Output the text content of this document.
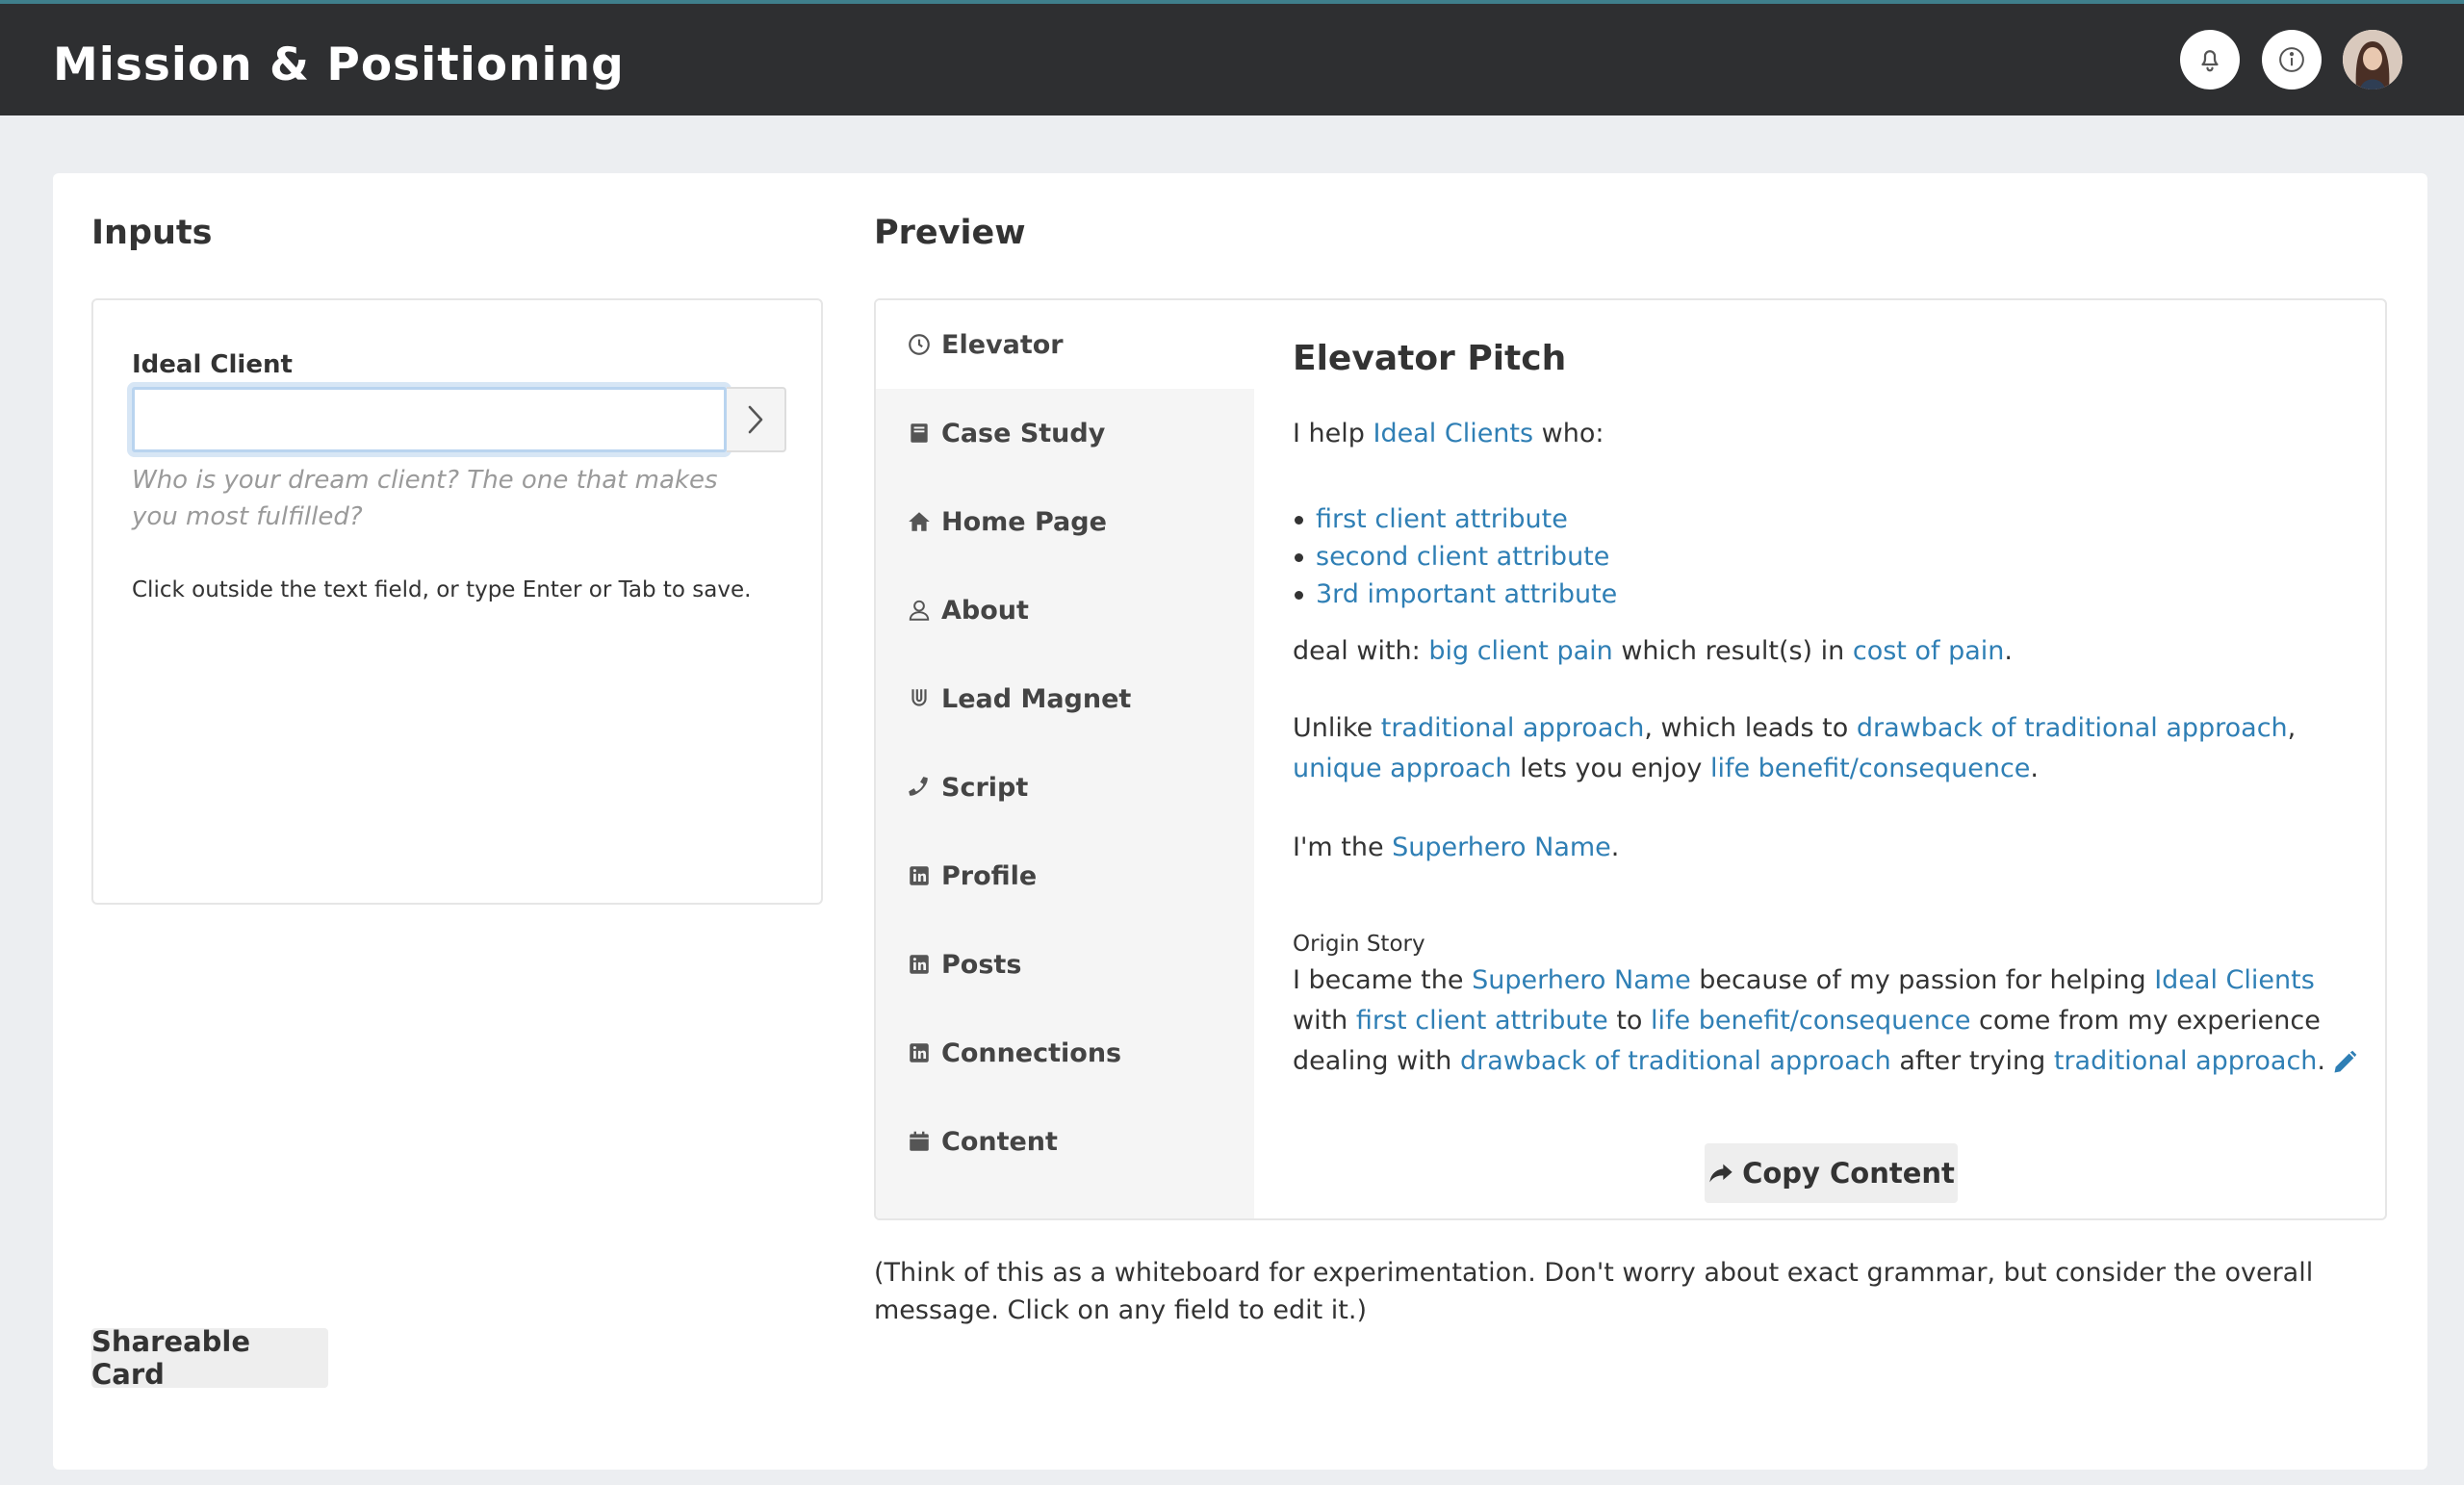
Mission & Positioning
Inputs	Preview
Ideal Client
Who is your dream client? The one that makes you most fulfilled?
Click outside the text field, or type Enter or Tab to save.
Elevator
Case Study
Home Page
About
Lead Magnet
Script
Profile
Posts
Connections
Content
Elevator Pitch
I help Ideal Clients who:
first client attribute
second client attribute
3rd important attribute
deal with: big client pain which result(s) in cost of pain.
Unlike traditional approach, which leads to drawback of traditional approach, unique approach lets you enjoy life benefit/consequence.
I'm the Superhero Name.
Origin Story
I became the Superhero Name because of my passion for helping Ideal Clients with first client attribute to life benefit/consequence come from my experience dealing with drawback of traditional approach after trying traditional approach.
Copy Content
(Think of this as a whiteboard for experimentation. Don't worry about exact grammar, but consider the overall message. Click on any field to edit it.)
Shareable Card
